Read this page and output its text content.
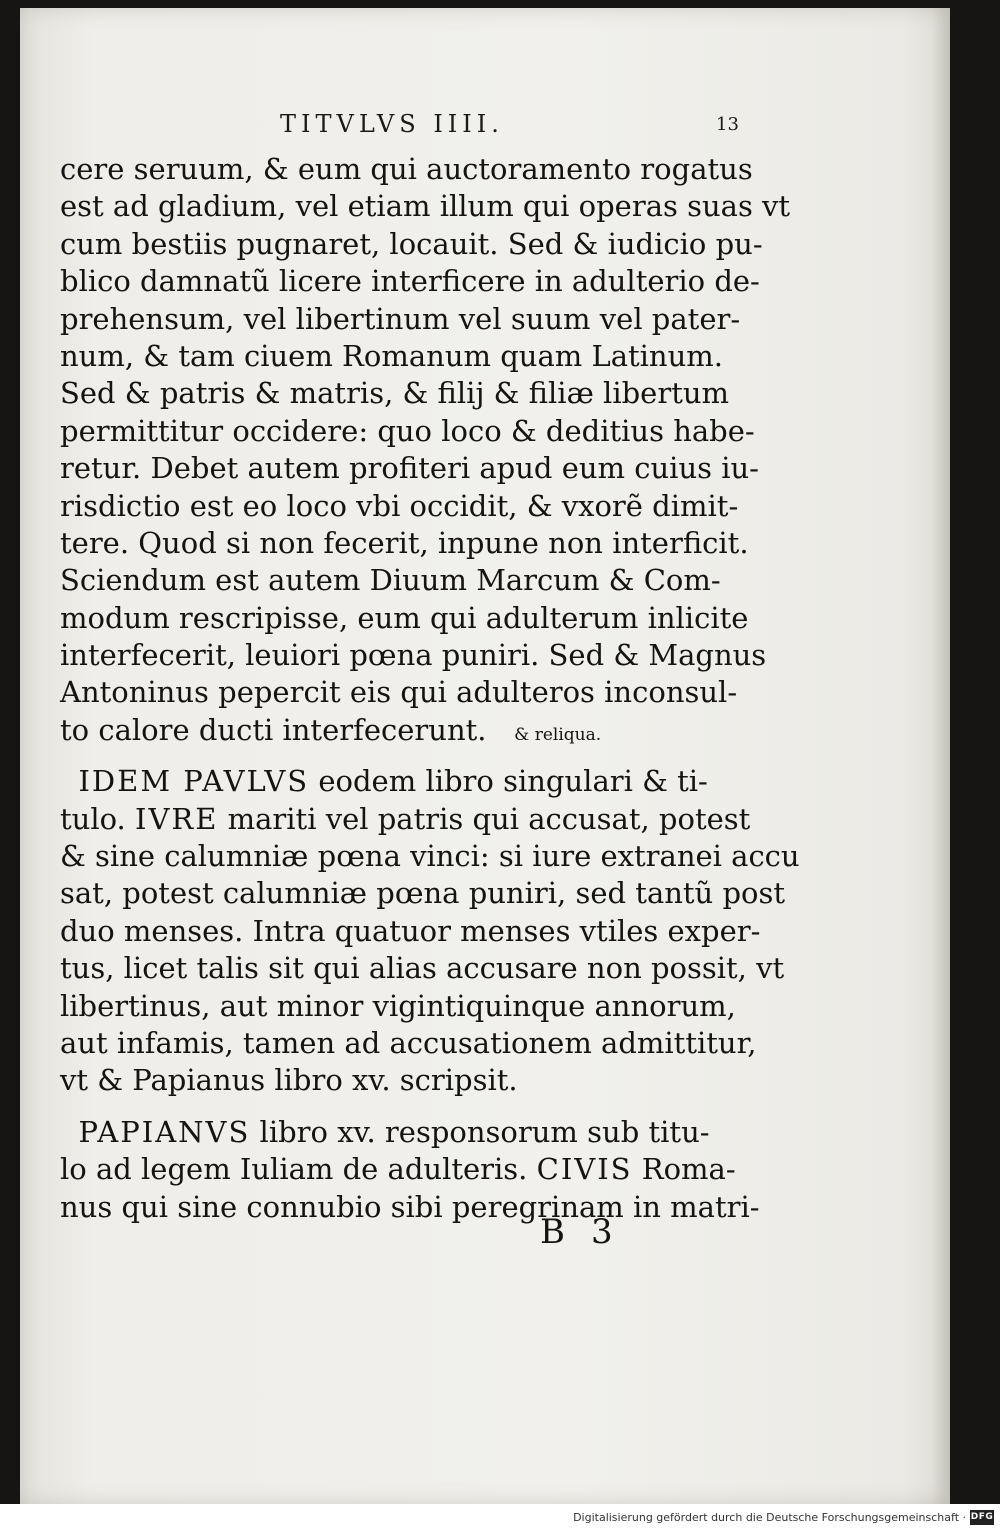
TITVLVS IIII.	13
cere seruum, & eum qui auctoramento rogatus
est ad gladium, vel etiam illum qui operas suas vt
cum bestiis pugnaret, locauit. Sed & iudicio pu-
blico damnatũ licere interficere in adulterio de-
prehensum, vel libertinum vel suum vel pater-
num, & tam ciuem Romanum quam Latinum.
Sed & patris & matris, & filij & filiæ libertum
permittitur occidere: quo loco & deditius habe-
retur. Debet autem profiteri apud eum cuius iu-
risdictio est eo loco vbi occidit, & vxorẽ dimit-
tere. Quod si non fecerit, inpune non interficit.
Sciendum est autem Diuum Marcum & Com-
modum rescripisse, eum qui adulterum inlicite
interfecerit, leuiori pœna puniri. Sed & Magnus
Antoninus pepercit eis qui adulteros inconsul-
to calore ducti interfecerunt. & reliqua.
IDEM PAVLVS eodem libro singulari & ti-
tulo. IVRE mariti vel patris qui accusat, potest
& sine calumniæ pœna vinci: si iure extranei accu
sat, potest calumniæ pœna puniri, sed tantũ post
duo menses. Intra quatuor menses vtiles exper-
tus, licet talis sit qui alias accusare non possit, vt
libertinus, aut minor vigintiquinque annorum,
aut infamis, tamen ad accusationem admittitur,
vt & Papianus libro xv. scripsit.
PAPIANVS libro xv. responsorum sub titu-
lo ad legem Iuliam de adulteris. CIVIS Roma-
nus qui sine connubio sibi peregrinam in matri-
B3
Digitalisierung gefördert durch die Deutsche Forschungsgemeinschaft · DFG
